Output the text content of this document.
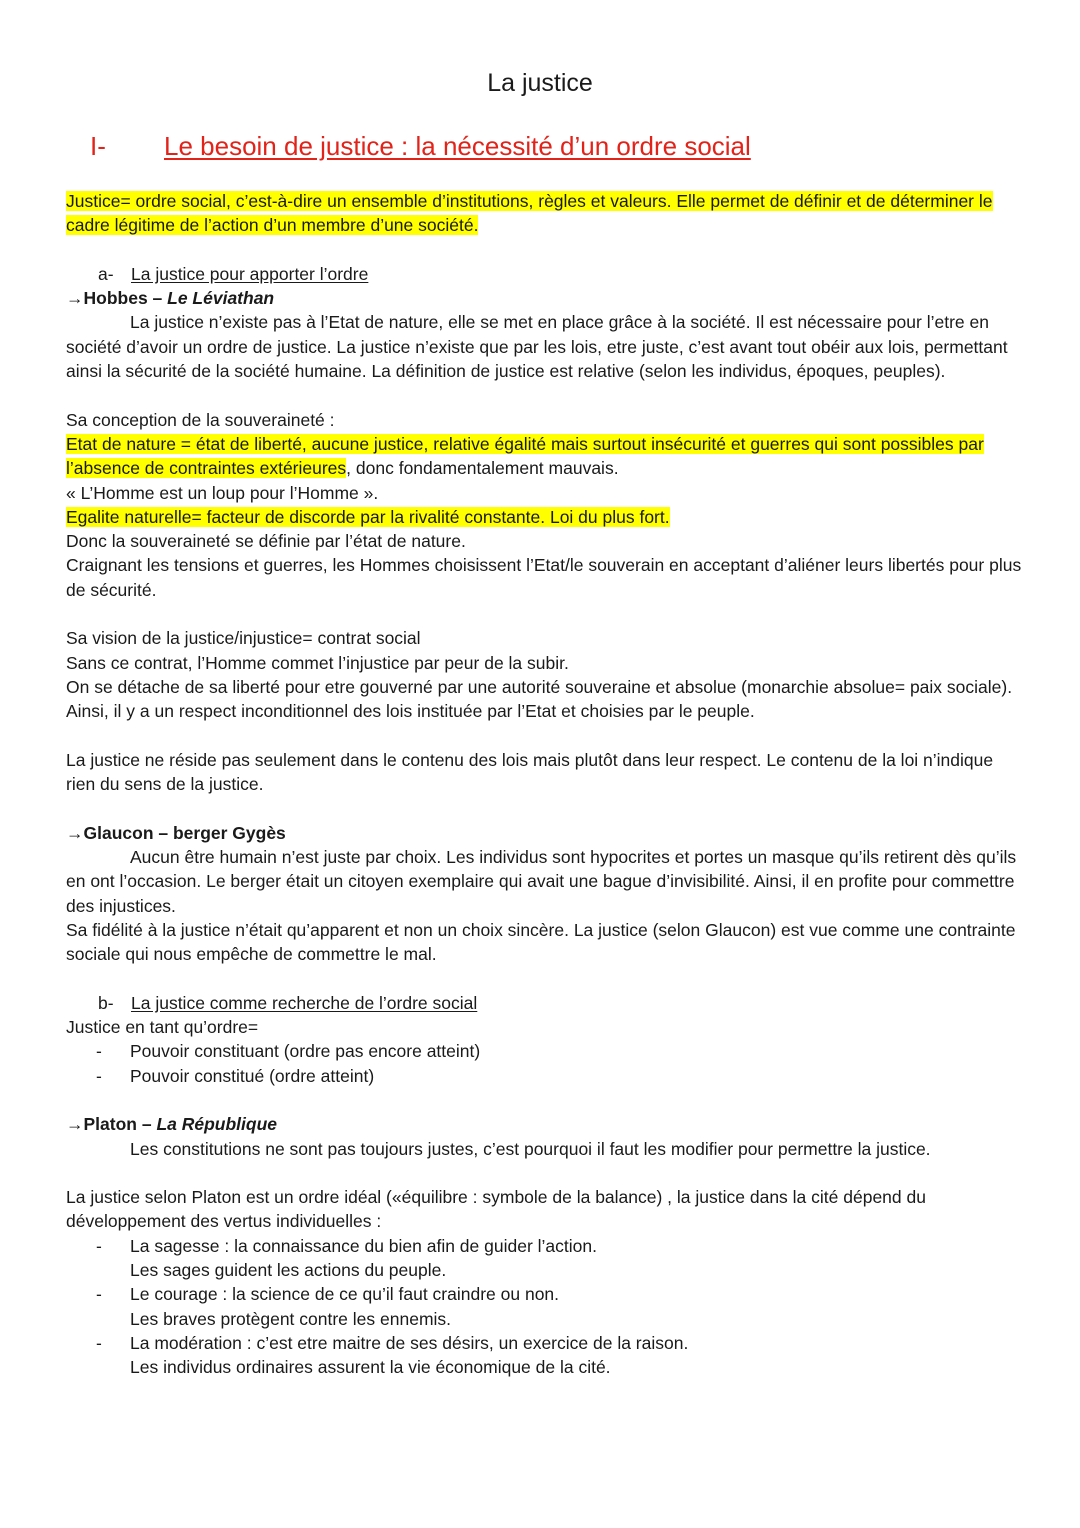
La justice
I- Le besoin de justice : la nécessité d’un ordre social

Justice= ordre social, c’est-à-dire un ensemble d’institutions, règles et valeurs. Elle permet de définir et de déterminer le cadre légitime de l’action d’un membre d’une société.

a- La justice pour apporter l’ordre

→Hobbes – Le Léviathan

La justice n’existe pas à l’Etat de nature, elle se met en place grâce à la société. Il est nécessaire pour l’etre en société d’avoir un ordre de justice. La justice n’existe que par les lois, etre juste, c’est avant tout obéir aux lois, permettant ainsi la sécurité de la société humaine. La définition de justice est relative (selon les individus, époques, peuples).

Sa conception de la souveraineté :

Etat de nature = état de liberté, aucune justice, relative égalité mais surtout insécurité et guerres qui sont possibles par l’absence de contraintes extérieures, donc fondamentalement mauvais.

« L’Homme est un loup pour l’Homme ».

Egalite naturelle= facteur de discorde par la rivalité constante. Loi du plus fort.

Donc la souveraineté se définie par l’état de nature.

Craignant les tensions et guerres, les Hommes choisissent l’Etat/le souverain en acceptant d’aliéner leurs libertés pour plus de sécurité.

Sa vision de la justice/injustice= contrat social

Sans ce contrat, l’Homme commet l’injustice par peur de la subir.

On se détache de sa liberté pour etre gouverné par une autorité souveraine et absolue (monarchie absolue= paix sociale). Ainsi, il y a un respect inconditionnel des lois instituée par l’Etat et choisies par le peuple.

La justice ne réside pas seulement dans le contenu des lois mais plutôt dans leur respect. Le contenu de la loi n’indique rien du sens de la justice.

→Glaucon – berger Gygès

Aucun être humain n’est juste par choix. Les individus sont hypocrites et portes un masque qu’ils retirent dès qu’ils en ont l’occasion. Le berger était un citoyen exemplaire qui avait une bague d’invisibilité. Ainsi, il en profite pour commettre des injustices.

Sa fidélité à la justice n’était qu’apparent et non un choix sincère. La justice (selon Glaucon) est vue comme une contrainte sociale qui nous empêche de commettre le mal.

b- La justice comme recherche de l’ordre social

Justice en tant qu’ordre=

- Pouvoir constituant (ordre pas encore atteint)
- Pouvoir constitué (ordre atteint)

→Platon – La République

Les constitutions ne sont pas toujours justes, c’est pourquoi il faut les modifier pour permettre la justice.

La justice selon Platon est un ordre idéal («équilibre : symbole de la balance) , la justice dans la cité dépend du développement des vertus individuelles :

- La sagesse : la connaissance du bien afin de guider l’action.
Les sages guident les actions du peuple.
- Le courage : la science de ce qu’il faut craindre ou non.
Les braves protègent contre les ennemis.
- La modération : c’est etre maitre de ses désirs, un exercice de la raison.
Les individus ordinaires assurent la vie économique de la cité.
